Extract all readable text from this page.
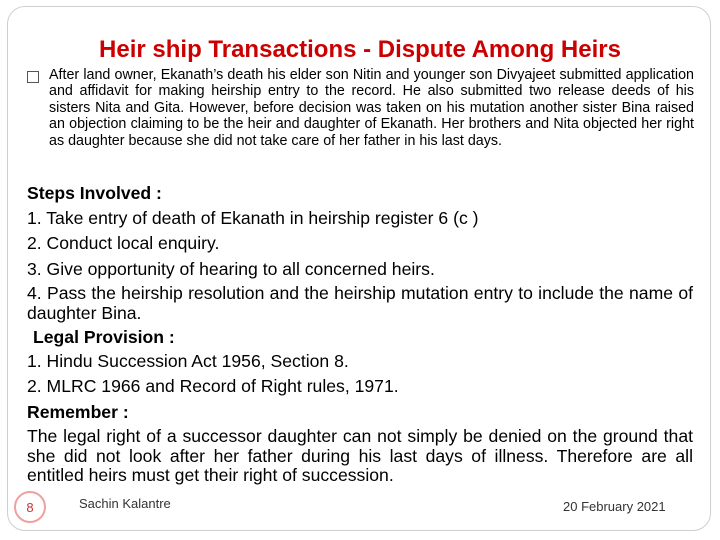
Heir ship Transactions - Dispute Among Heirs
After land owner, Ekanath’s death his elder son Nitin and younger son Divyajeet submitted application and affidavit for making heirship entry to the record. He also submitted two release deeds of his sisters Nita and Gita. However, before decision was taken on his mutation another sister Bina raised an objection claiming to be the heir and daughter of Ekanath. Her brothers and Nita objected her right as daughter because she did not take care of her father in his last days.
Steps Involved :
1. Take entry of death of Ekanath in heirship register 6 (c )
2. Conduct local enquiry.
3. Give opportunity of hearing to all concerned heirs.
4. Pass the heirship resolution and the heirship mutation entry to include the name of daughter Bina.
Legal Provision :
1. Hindu Succession Act 1956, Section 8.
2. MLRC 1966 and Record of Right rules, 1971.
Remember :
The legal right of a successor daughter can not simply be denied on the ground that she did not look after her father during his last days of illness. Therefore are all entitled heirs must get their right of succession.
8	Sachin Kalantre	20 February 2021
